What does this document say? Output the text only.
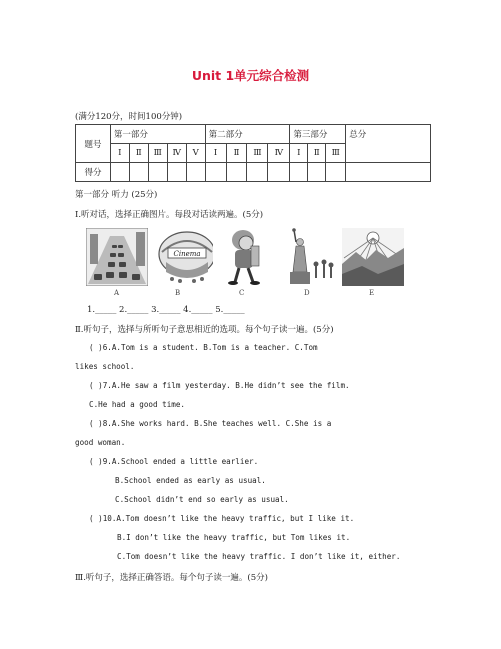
Unit 1单元综合检测
(满分120分，时间100分钟)
题号	第一部分					第二部分				第三部分			总分
	Ⅰ	Ⅱ	Ⅲ	Ⅳ	Ⅴ	Ⅰ	Ⅱ	Ⅲ	Ⅳ	Ⅰ	Ⅱ	Ⅲ	
得分													
第一部分 听力 (25分)
Ⅰ.听对话，选择正确图片。每段对话读两遍。(5分)
Cinema
A	B	C	D	E
1._____ 2._____ 3._____ 4._____ 5._____
Ⅱ.听句子，选择与所听句子意思相近的选项。每个句子读一遍。(5分)
( )6.A.Tom is a student. B.Tom is a teacher. C.Tom
likes school.
( )7.A.He saw a film yesterday. B.He didn’t see the film.
C.He had a good time.
( )8.A.She works hard. B.She teaches well. C.She is a
good woman.
( )9.A.School ended a little earlier.
B.School ended as early as usual.
C.School didn’t end so early as usual.
( )10.A.Tom doesn’t like the heavy traffic, but I like it.
B.I don’t like the heavy traffic, but Tom likes it.
C.Tom doesn’t like the heavy traffic. I don’t like it, either.
Ⅲ.听句子，选择正确答语。每个句子读一遍。(5分)
